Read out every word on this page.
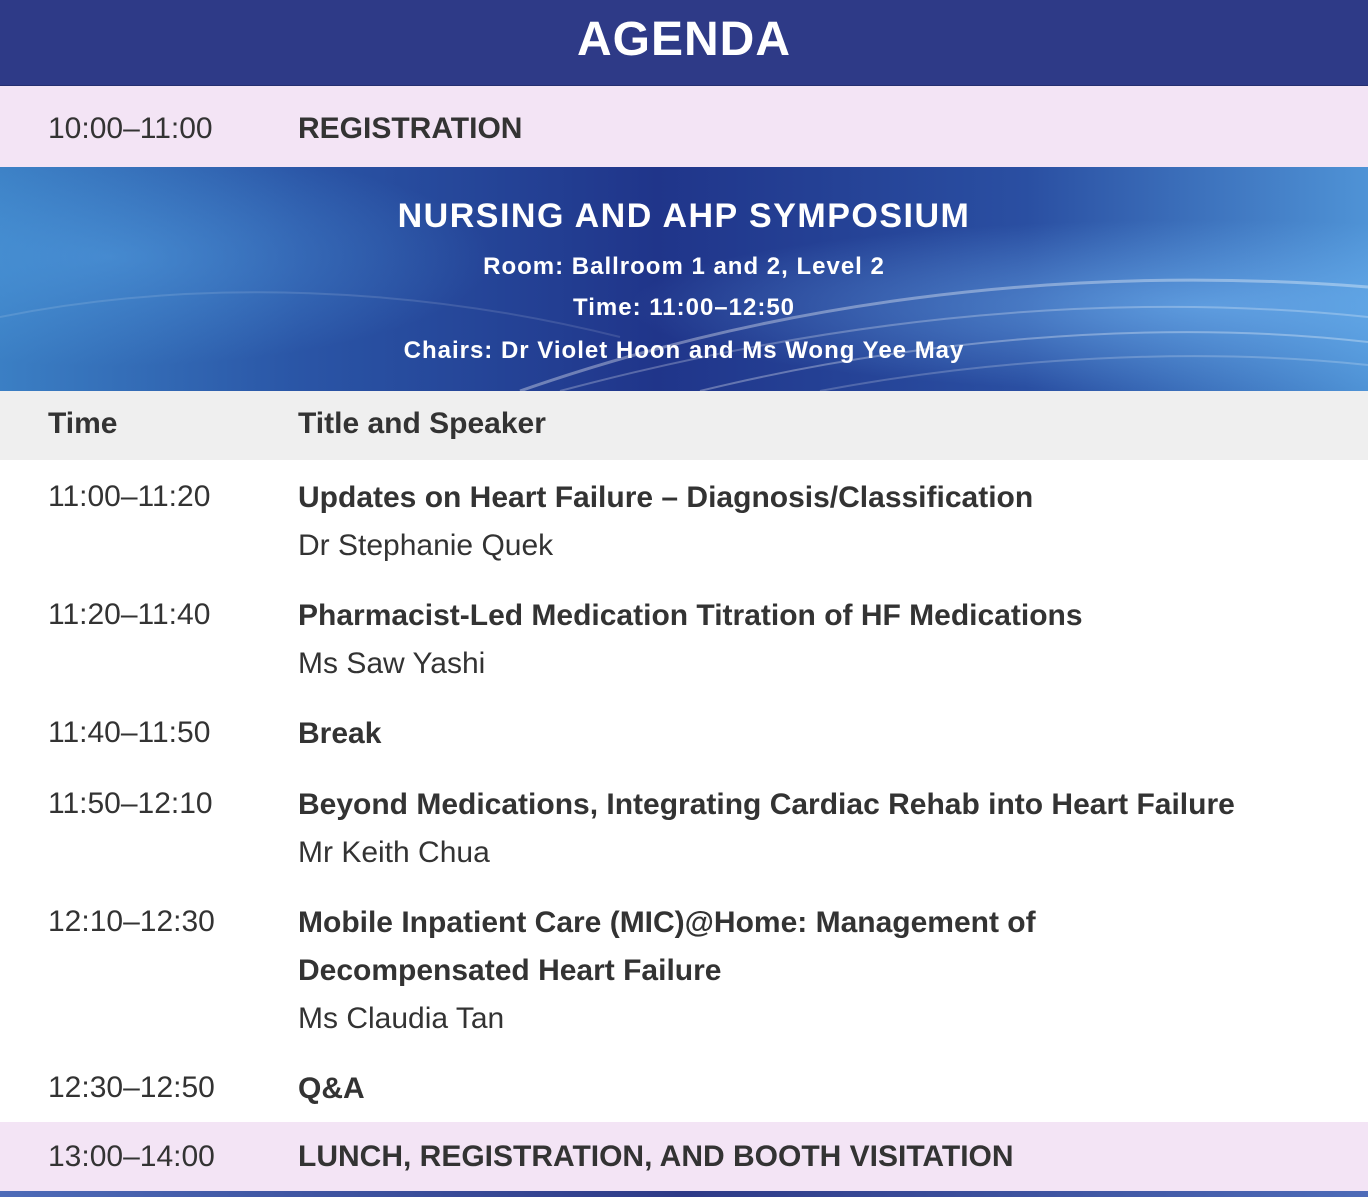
AGENDA
10:00–11:00	REGISTRATION
NURSING AND AHP SYMPOSIUM
Room: Ballroom 1 and 2, Level 2
Time: 11:00–12:50
Chairs: Dr Violet Hoon and Ms Wong Yee May
Time	Title and Speaker
11:00–11:20	Updates on Heart Failure – Diagnosis/Classification
Dr Stephanie Quek
11:20–11:40	Pharmacist-Led Medication Titration of HF Medications
Ms Saw Yashi
11:40–11:50	Break
11:50–12:10	Beyond Medications, Integrating Cardiac Rehab into Heart Failure
Mr Keith Chua
12:10–12:30	Mobile Inpatient Care (MIC)@Home: Management of
Decompensated Heart Failure
Ms Claudia Tan
12:30–12:50	Q&A
13:00–14:00	LUNCH, REGISTRATION, AND BOOTH VISITATION
